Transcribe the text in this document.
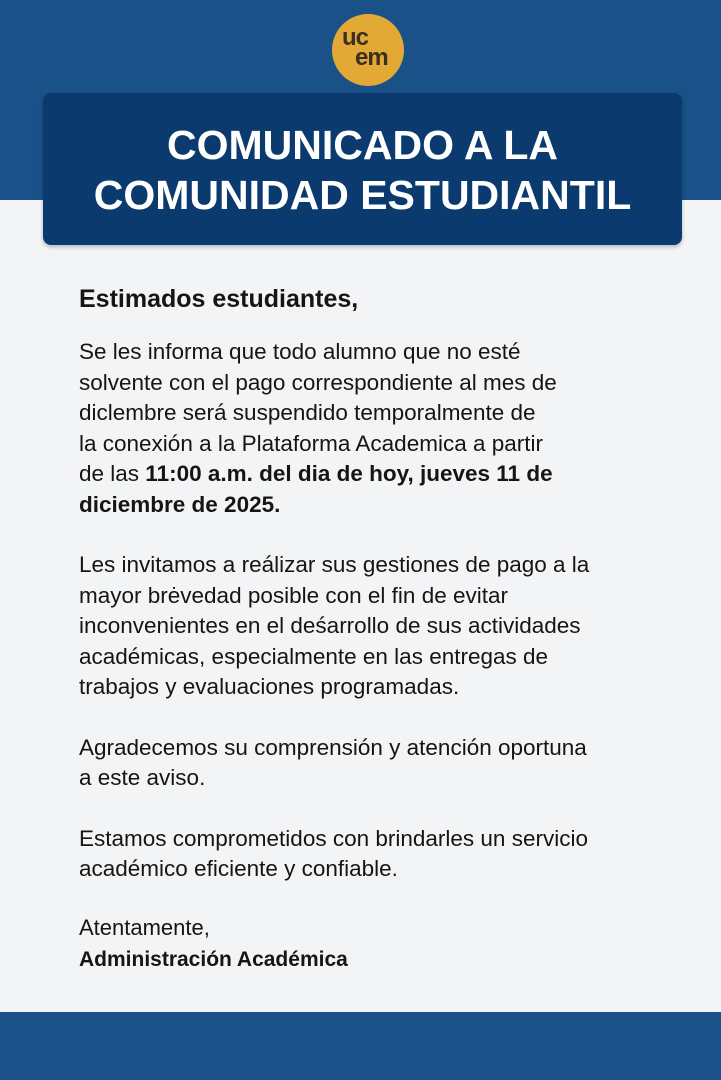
uc
em
COMUNICADO A LA
COMUNIDAD ESTUDIANTIL
Estimados estudiantes,
Se les informa que todo alumno que no esté
solvente con el pago correspondiente al mes de
diclembre será suspendido temporalmente de
la conexión a la Plataforma Academica a partir
de las 11:00 a.m. del dia de hoy, jueves 11 de
diciembre de 2025.
Les invitamos a reálizar sus gestiones de pago a la
mayor brėvedad posible con el fin de evitar
inconvenientes en el deśarrollo de sus actividades
académicas, especialmente en las entregas de
trabajos y evaluaciones programadas.
Agradecemos su comprensión y atención oportuna
a este aviso.
Estamos comprometidos con brindarles un servicio
académico eficiente y confiable.
Atentamente,
Administración Académica
